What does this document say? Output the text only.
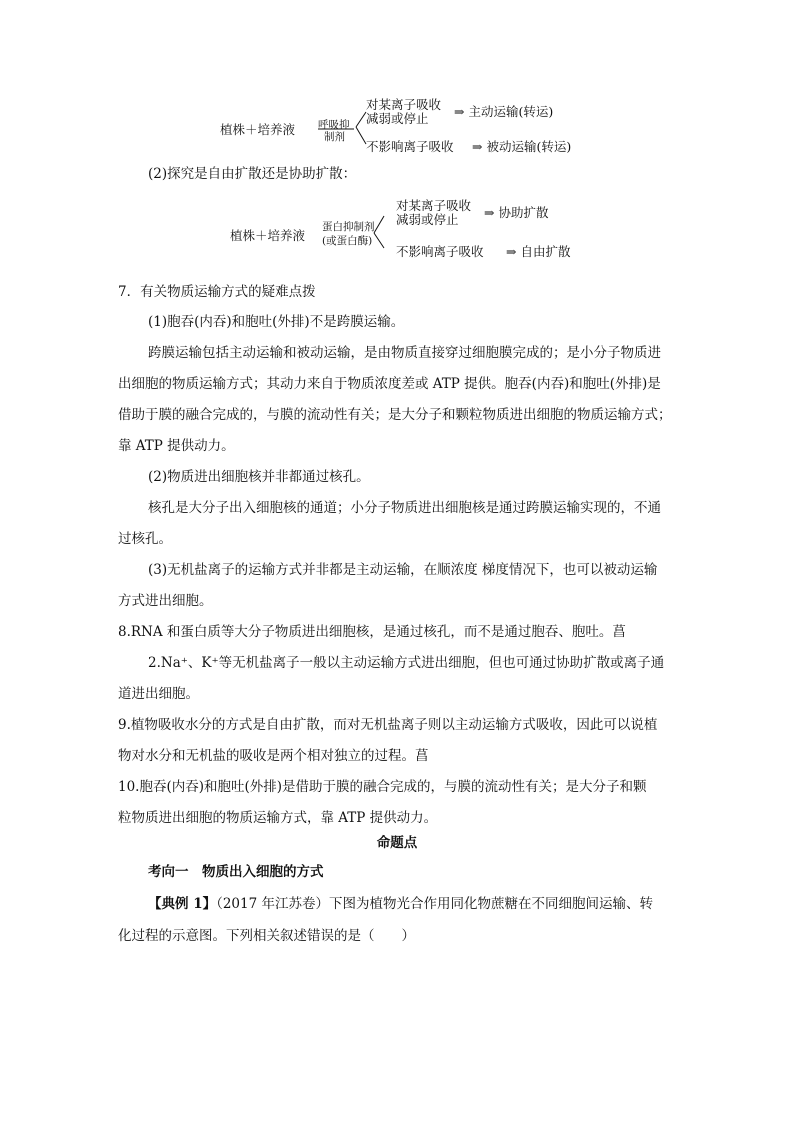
植株＋培养液 呼吸抑
制剂
对某离子吸收
减弱或停止 ⇒ 主动运输(转运)
不影响离子吸收 ⇒ 被动运输(转运)
(2)探究是自由扩散还是协助扩散：
植株＋培养液
蛋白抑制剂
(或蛋白酶)
对某离子吸收
减弱或停止 ⇒ 协助扩散
不影响离子吸收 ⇒ 自由扩散
7．有关物质运输方式的疑难点拨
(1)胞吞(内吞)和胞吐(外排)不是跨膜运输。
跨膜运输包括主动运输和被动运输，是由物质直接穿过细胞膜完成的；是小分子物质进
出细胞的物质运输方式；其动力来自于物质浓度差或 ATP 提供。胞吞(内吞)和胞吐(外排)是
借助于膜的融合完成的，与膜的流动性有关；是大分子和颗粒物质进出细胞的物质运输方式；
靠 ATP 提供动力。
(2)物质进出细胞核并非都通过核孔。
核孔是大分子出入细胞核的通道；小分子物质进出细胞核是通过跨膜运输实现的，不通
过核孔。
(3)无机盐离子的运输方式并非都是主动运输，在顺浓度 梯度情况下，也可以被动运输
方式进出细胞。
8.RNA 和蛋白质等大分子物质进出细胞核，是通过核孔，而不是通过胞吞、胞吐。菖
2.Na⁺、K⁺等无机盐离子一般以主动运输方式进出细胞，但也可通过协助扩散或离子通
道进出细胞。
9.植物吸收水分的方式是自由扩散，而对无机盐离子则以主动运输方式吸收，因此可以说植
物对水分和无机盐的吸收是两个相对独立的过程。菖
10.胞吞(内吞)和胞吐(外排)是借助于膜的融合完成的，与膜的流动性有关；是大分子和颗
粒物质进出细胞的物质运输方式，靠 ATP 提供动力。
命题点
考向一　物质出入细胞的方式
【典例 1】（2017 年江苏卷）下图为植物光合作用同化物蔗糖在不同细胞间运输、转
化过程的示意图。下列相关叙述错误的是（　　）
